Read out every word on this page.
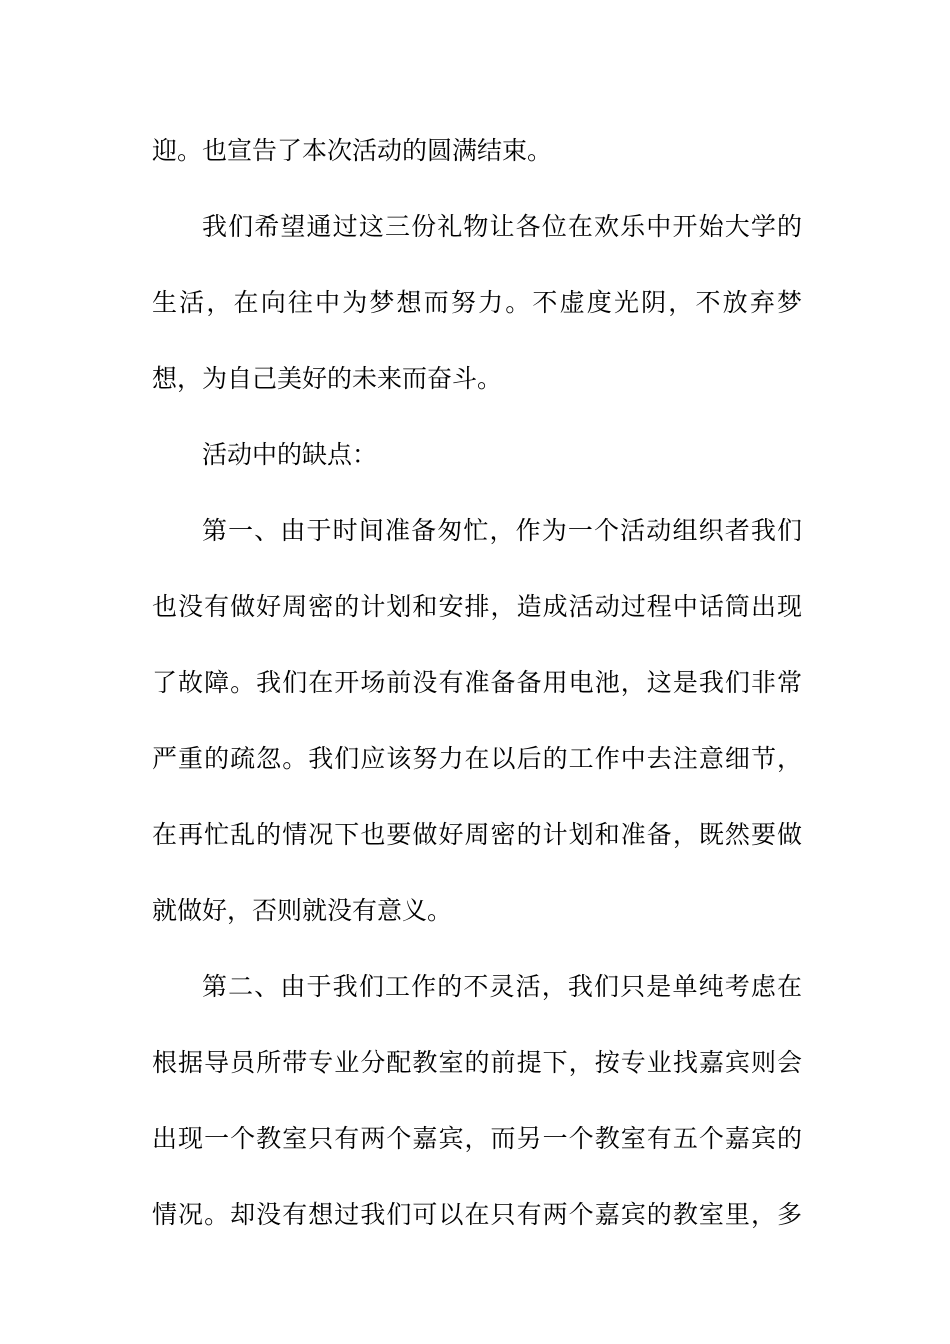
迎。也宣告了本次活动的圆满结束。
我们希望通过这三份礼物让各位在欢乐中开始大学的
生活，在向往中为梦想而努力。不虚度光阴，不放弃梦
想，为自己美好的未来而奋斗。
活动中的缺点：
第一、由于时间准备匆忙，作为一个活动组织者我们
也没有做好周密的计划和安排，造成活动过程中话筒出现
了故障。我们在开场前没有准备备用电池，这是我们非常
严重的疏忽。我们应该努力在以后的工作中去注意细节，
在再忙乱的情况下也要做好周密的计划和准备，既然要做
就做好，否则就没有意义。
第二、由于我们工作的不灵活，我们只是单纯考虑在
根据导员所带专业分配教室的前提下，按专业找嘉宾则会
出现一个教室只有两个嘉宾，而另一个教室有五个嘉宾的
情况。却没有想过我们可以在只有两个嘉宾的教室里，多
